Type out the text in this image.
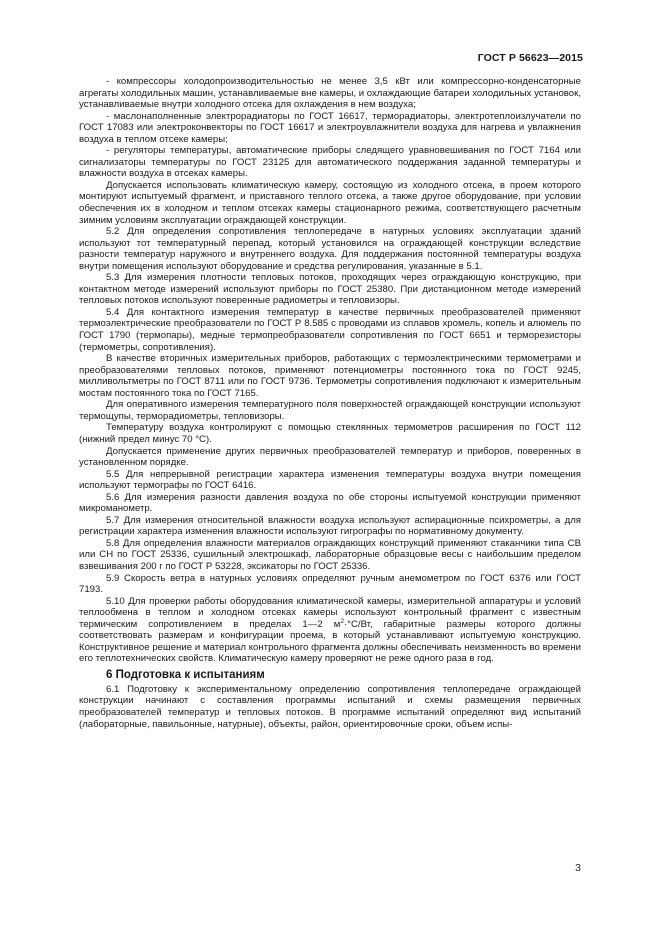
ГОСТ Р 56623—2015

- компрессоры холодопроизводительностью не менее 3,5 кВт или компрессорно-конденсаторные агрегаты холодильных машин, устанавливаемые вне камеры, и охлаждающие батареи холодильных установок, устанавливаемые внутри холодного отсека для охлаждения в нем воздуха;

- маслонаполненные электрорадиаторы по ГОСТ 16617, терморадиаторы, электротеплоизлучатели по ГОСТ 17083 или электроконвекторы по ГОСТ 16617 и электроувлажнители воздуха для нагрева и увлажнения воздуха в теплом отсеке камеры;

- регуляторы температуры, автоматические приборы следящего уравновешивания по ГОСТ 7164 или сигнализаторы температуры по ГОСТ 23125 для автоматического поддержания заданной температуры и влажности воздуха в отсеках камеры.

Допускается использовать климатическую камеру, состоящую из холодного отсека, в проем которого монтируют испытуемый фрагмент, и приставного теплого отсека, а также другое оборудование, при условии обеспечения их в холодном и теплом отсеках камеры стационарного режима, соответствующего расчетным зимним условиям эксплуатации ограждающей конструкции.

5.2 Для определения сопротивления теплопередаче в натурных условиях эксплуатации зданий используют тот температурный перепад, который установился на ограждающей конструкции вследствие разности температур наружного и внутреннего воздуха. Для поддержания постоянной температуры воздуха внутри помещения используют оборудование и средства регулирования, указанные в 5.1.

5.3 Для измерения плотности тепловых потоков, проходящих через ограждающую конструкцию, при контактном методе измерений используют приборы по ГОСТ 25380. При дистанционном методе измерений тепловых потоков используют поверенные радиометры и тепловизоры.

5.4 Для контактного измерения температур в качестве первичных преобразователей применяют термоэлектрические преобразователи по ГОСТ Р 8.585 с проводами из сплавов хромель, копель и алюмель по ГОСТ 1790 (термопары), медные термопреобразователи сопротивления по ГОСТ 6651 и терморезисторы (термометры, сопротивления).

В качестве вторичных измерительных приборов, работающих с термоэлектрическими термометрами и преобразователями тепловых потоков, применяют потенциометры постоянного тока по ГОСТ 9245, милливольтметры по ГОСТ 8711 или по ГОСТ 9736. Термометры сопротивления подключают к измерительным мостам постоянного тока по ГОСТ 7165.

Для оперативного измерения температурного поля поверхностей ограждающей конструкции используют термощупы, терморадиометры, тепловизоры.

Температуру воздуха контролируют с помощью стеклянных термометров расширения по ГОСТ 112 (нижний предел минус 70 °С).

Допускается применение других первичных преобразователей температур и приборов, поверенных в установленном порядке.

5.5 Для непрерывной регистрации характера изменения температуры воздуха внутри помещения используют термографы по ГОСТ 6416.

5.6 Для измерения разности давления воздуха по обе стороны испытуемой конструкции применяют микроманометр.

5.7 Для измерения относительной влажности воздуха используют аспирационные психрометры, а для регистрации характера изменения влажности используют гигрографы по нормативному документу.

5.8 Для определения влажности материалов ограждающих конструкций применяют стаканчики типа СВ или СН по ГОСТ 25336, сушильный электрошкаф, лабораторные образцовые весы с наибольшим пределом взвешивания 200 г по ГОСТ Р 53228, эксикаторы по ГОСТ 25336.

5.9 Скорость ветра в натурных условиях определяют ручным анемометром по ГОСТ 6376 или ГОСТ 7193.

5.10 Для проверки работы оборудования климатической камеры, измерительной аппаратуры и условий теплообмена в теплом и холодном отсеках камеры используют контрольный фрагмент с известным термическим сопротивлением в пределах 1—2 $м^2\cdot^\circ С/Вт$, габаритные размеры которого должны соответствовать размерам и конфигурации проема, в который устанавливают испытуемую конструкцию. Конструктивное решение и материал контрольного фрагмента должны обеспечивать неизменность во времени его теплотехнических свойств. Климатическую камеру проверяют не реже одного раза в год.

6 Подготовка к испытаниям

6.1 Подготовку к экспериментальному определению сопротивления теплопередаче ограждающей конструкции начинают с составления программы испытаний и схемы размещения первичных преобразователей температур и тепловых потоков. В программе испытаний определяют вид испытаний (лабораторные, павильонные, натурные), объекты, район, ориентировочные сроки, объем испы-

3
